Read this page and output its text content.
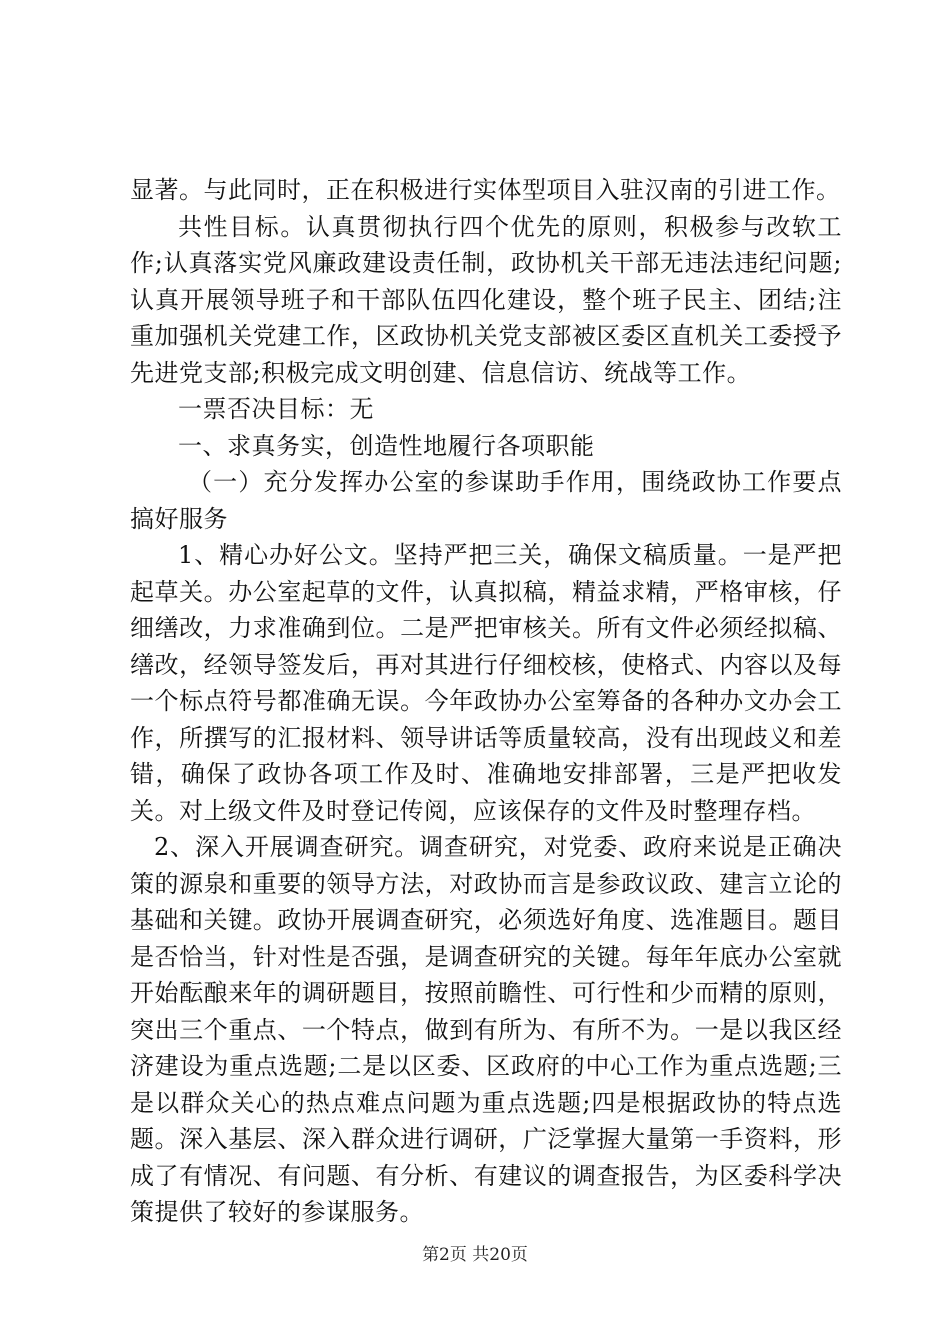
显著。与此同时，正在积极进行实体型项目入驻汉南的引进工作。

共性目标。认真贯彻执行四个优先的原则，积极参与改软工作;认真落实党风廉政建设责任制，政协机关干部无违法违纪问题;认真开展领导班子和干部队伍四化建设，整个班子民主、团结;注重加强机关党建工作，区政协机关党支部被区委区直机关工委授予先进党支部;积极完成文明创建、信息信访、统战等工作。

一票否决目标：无

一、求真务实，创造性地履行各项职能

（一）充分发挥办公室的参谋助手作用，围绕政协工作要点搞好服务

1、精心办好公文。坚持严把三关，确保文稿质量。一是严把起草关。办公室起草的文件，认真拟稿，精益求精，严格审核，仔细缮改，力求准确到位。二是严把审核关。所有文件必须经拟稿、缮改，经领导签发后，再对其进行仔细校核，使格式、内容以及每一个标点符号都准确无误。今年政协办公室筹备的各种办文办会工作，所撰写的汇报材料、领导讲话等质量较高，没有出现歧义和差错，确保了政协各项工作及时、准确地安排部署，三是严把收发关。对上级文件及时登记传阅，应该保存的文件及时整理存档。

2、深入开展调查研究。调查研究，对党委、政府来说是正确决策的源泉和重要的领导方法，对政协而言是参政议政、建言立论的基础和关键。政协开展调查研究，必须选好角度、选准题目。题目是否恰当，针对性是否强，是调查研究的关键。每年年底办公室就开始酝酿来年的调研题目，按照前瞻性、可行性和少而精的原则，突出三个重点、一个特点，做到有所为、有所不为。一是以我区经济建设为重点选题;二是以区委、区政府的中心工作为重点选题;三是以群众关心的热点难点问题为重点选题;四是根据政协的特点选题。深入基层、深入群众进行调研，广泛掌握大量第一手资料，形成了有情况、有问题、有分析、有建议的调查报告，为区委科学决策提供了较好的参谋服务。

第2页 共20页
